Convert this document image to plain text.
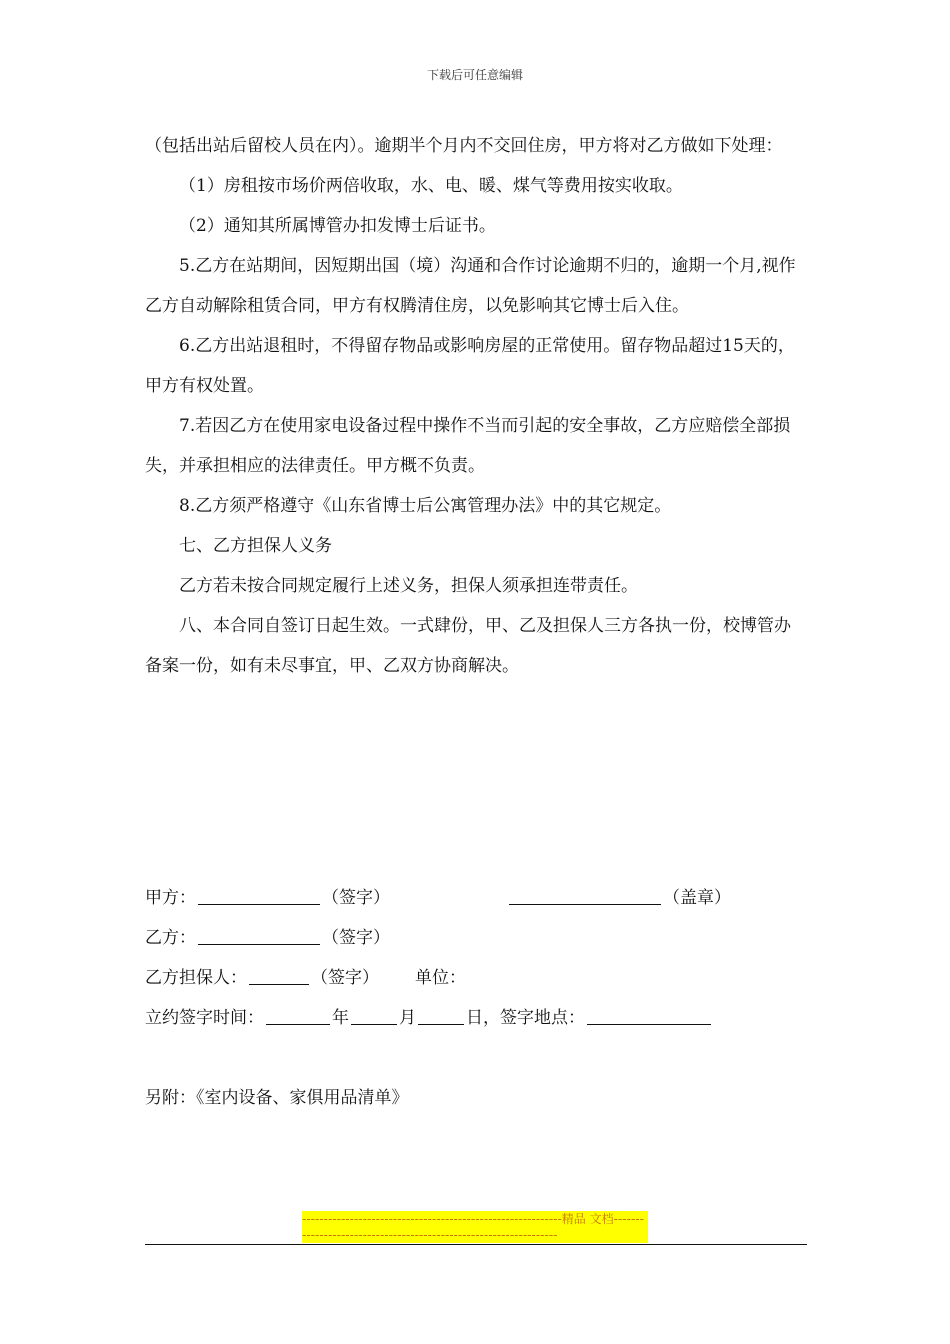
下载后可任意编辑

（包括出站后留校人员在内）。逾期半个月内不交回住房，甲方将对乙方做如下处理：

（1）房租按市场价两倍收取，水、电、暖、煤气等费用按实收取。

（2）通知其所属博管办扣发博士后证书。

5.乙方在站期间，因短期出国（境）沟通和合作讨论逾期不归的，逾期一个月,视作乙方自动解除租赁合同，甲方有权腾清住房，以免影响其它博士后入住。

6.乙方出站退租时，不得留存物品或影响房屋的正常使用。留存物品超过15天的，甲方有权处置。

7.若因乙方在使用家电设备过程中操作不当而引起的安全事故，乙方应赔偿全部损失，并承担相应的法律责任。甲方概不负责。

8.乙方须严格遵守《山东省博士后公寓管理办法》中的其它规定。

七、乙方担保人义务

乙方若未按合同规定履行上述义务，担保人须承担连带责任。

八、本合同自签订日起生效。一式肆份，甲、乙及担保人三方各执一份，校博管办备案一份，如有未尽事宜，甲、乙双方协商解决。

甲方：	（签字）	（盖章）
乙方：	（签字）
乙方担保人：	（签字） 单位：
立约签字时间：	年	月	日，签字地点：
另附：《室内设备、家俱用品清单》
------------------------------------------------------------精品 文档------------------------------------------------------------------
